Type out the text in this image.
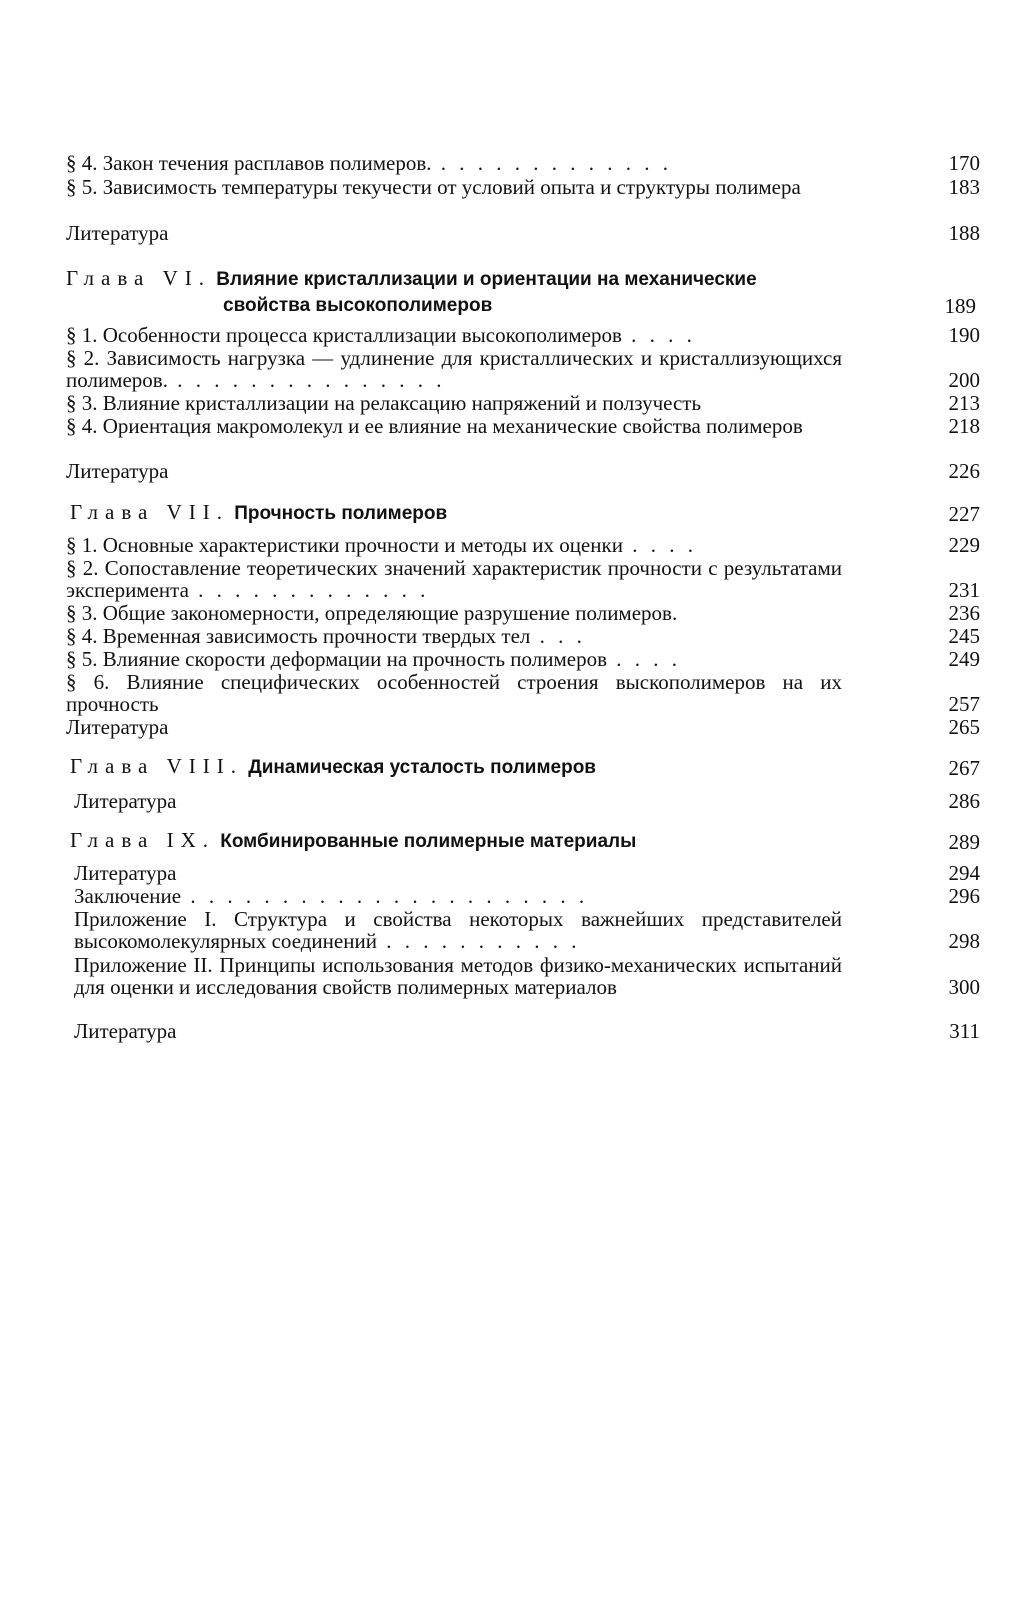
§ 4. Закон течения расплавов полимеров. . . . . . . . . . . . . .	170
§ 5. Зависимость температуры текучести от условий опыта и структуры полимера	183
Литература	188
Глава VI. Влияние кристаллизации и ориентации на механические
свойства высокополимеров	189
§ 1. Особенности процесса кристаллизации высокополимеров . . . .	190
§ 2. Зависимость нагрузка — удлинение для кристаллических и кристаллизующихся полимеров. . . . . . . . . . . . . . . .	200
§ 3. Влияние кристаллизации на релаксацию напряжений и ползучесть	213
§ 4. Ориентация макромолекул и ее влияние на механические свойства полимеров	218
Литература	226
Глава VII. Прочность полимеров	227
§ 1. Основные характеристики прочности и методы их оценки . . . .	229
§ 2. Сопоставление теоретических значений характеристик прочности с результатами эксперимента . . . . . . . . . . . . .	231
§ 3. Общие закономерности, определяющие разрушение полимеров.	236
§ 4. Временная зависимость прочности твердых тел . . .	245
§ 5. Влияние скорости деформации на прочность полимеров . . . .	249
§ 6. Влияние специфических особенностей строения выскополимеров на их прочность	257
Литература	265
Глава VIII. Динамическая усталость полимеров	267
Литература	286
Глава IX. Комбинированные полимерные материалы	289
Литература	294
Заключение . . . . . . . . . . . . . . . . . . . . . .	296
Приложение I. Структура и свойства некоторых важнейших представителей высокомолекулярных соединений . . . . . . . . . . .	298
Приложение II. Принципы использования методов физико-механических испытаний для оценки и исследования свойств полимерных материалов	300
Литература	311
